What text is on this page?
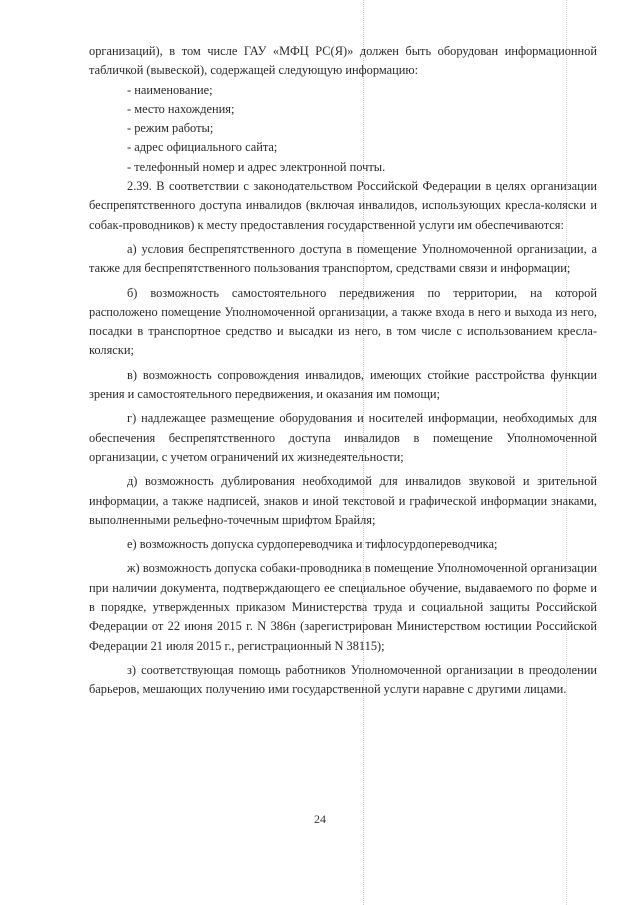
организаций), в том числе ГАУ «МФЦ РС(Я)» должен быть оборудован информационной табличкой (вывеской), содержащей следующую информацию:

- наименование;
- место нахождения;
- режим работы;
- адрес официального сайта;
- телефонный номер и адрес электронной почты.

2.39. В соответствии с законодательством Российской Федерации в целях организации беспрепятственного доступа инвалидов (включая инвалидов, использующих кресла-коляски и собак-проводников) к месту предоставления государственной услуги им обеспечиваются:

а) условия беспрепятственного доступа в помещение Уполномоченной организации, а также для беспрепятственного пользования транспортом, средствами связи и информации;

б) возможность самостоятельного передвижения по территории, на которой расположено помещение Уполномоченной организации, а также входа в него и выхода из него, посадки в транспортное средство и высадки из него, в том числе с использованием кресла-коляски;

в) возможность сопровождения инвалидов, имеющих стойкие расстройства функции зрения и самостоятельного передвижения, и оказания им помощи;

г) надлежащее размещение оборудования и носителей информации, необходимых для обеспечения беспрепятственного доступа инвалидов в помещение Уполномоченной организации, с учетом ограничений их жизнедеятельности;

д) возможность дублирования необходимой для инвалидов звуковой и зрительной информации, а также надписей, знаков и иной текстовой и графической информации знаками, выполненными рельефно-точечным шрифтом Брайля;

е) возможность допуска сурдопереводчика и тифлосурдопереводчика;

ж) возможность допуска собаки-проводника в помещение Уполномоченной организации при наличии документа, подтверждающего ее специальное обучение, выдаваемого по форме и в порядке, утвержденных приказом Министерства труда и социальной защиты Российской Федерации от 22 июня 2015 г. N 386н (зарегистрирован Министерством юстиции Российской Федерации 21 июля 2015 г., регистрационный N 38115);

з) соответствующая помощь работников Уполномоченной организации в преодолении барьеров, мешающих получению ими государственной услуги наравне с другими лицами.

24
